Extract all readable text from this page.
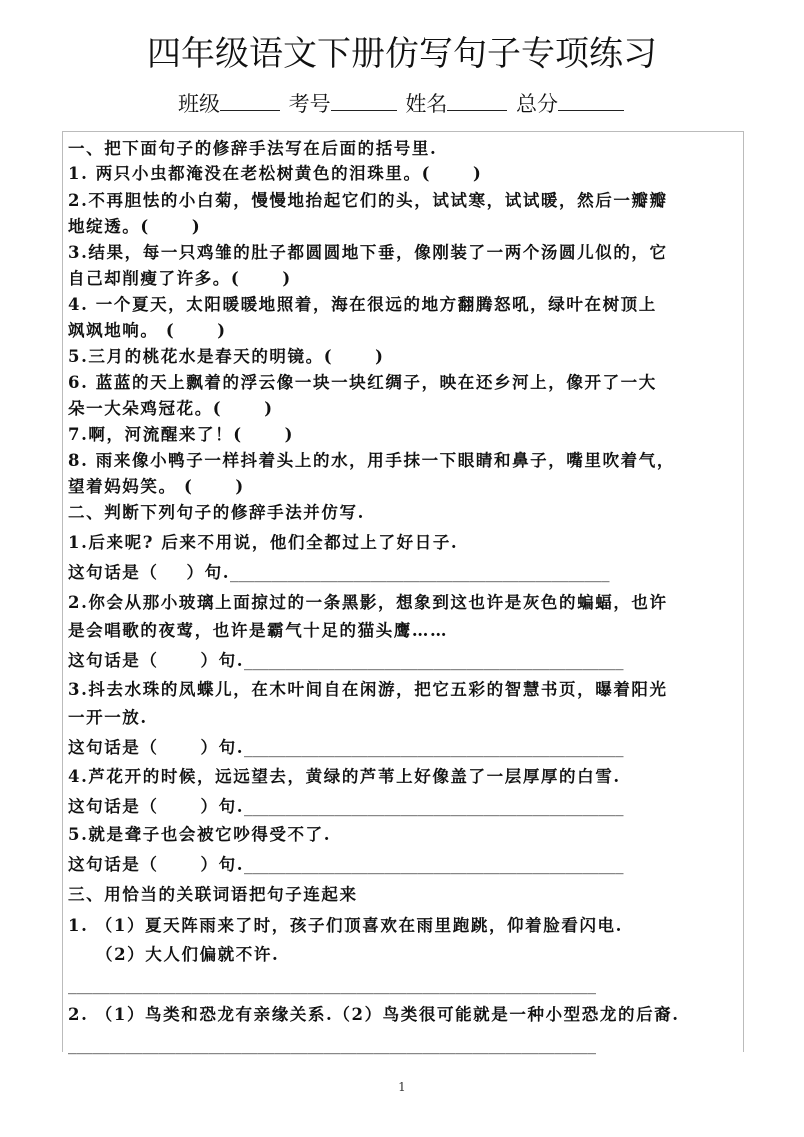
四年级语文下册仿写句子专项练习
班级	考号	姓名	总分
一、把下面句子的修辞手法写在后面的括号里.
1. 两只小虫都淹没在老松树黄色的泪珠里。(	)
2.不再胆怯的小白菊，慢慢地抬起它们的头，试试寒，试试暖，然后一瓣瓣
地绽透。(	)
3.结果，每一只鸡雏的肚子都圆圆地下垂，像刚装了一两个汤圆儿似的，它
自己却削瘦了许多。(	)
4. 一个夏天，太阳暖暖地照着，海在很远的地方翻腾怒吼，绿叶在树顶上
飒飒地响。 (	)
5.三月的桃花水是春天的明镜。(	)
6. 蓝蓝的天上飘着的浮云像一块一块红绸子，映在还乡河上，像开了一大
朵一大朵鸡冠花。(	)
7.啊，河流醒来了！(	)
8. 雨来像小鸭子一样抖着头上的水，用手抹一下眼睛和鼻子，嘴里吹着气，
望着妈妈笑。 (	)
二、判断下列句子的修辞手法并仿写.
1.后来呢? 后来不用说，他们全都过上了好日子.
这句话是（ ）句.______________________________________________
2.你会从那小玻璃上面掠过的一条黑影，想象到这也许是灰色的蝙蝠，也许
是会唱歌的夜莺，也许是霸气十足的猫头鹰……
这句话是（	）句.______________________________________________
3.抖去水珠的凤蝶儿，在木叶间自在闲游，把它五彩的智慧书页，曝着阳光
一开一放.
这句话是（	）句.______________________________________________
4.芦花开的时候，远远望去，黄绿的芦苇上好像盖了一层厚厚的白雪.
这句话是（	）句.______________________________________________
5.就是聋子也会被它吵得受不了.
这句话是（	）句.______________________________________________
三、用恰当的关联词语把句子连起来
1. （1）夏天阵雨来了时，孩子们顶喜欢在雨里跑跳，仰着脸看闪电.
（2）大人们偏就不许.
________________________________________________________________
2. （1）鸟类和恐龙有亲缘关系.（2）鸟类很可能就是一种小型恐龙的后裔.
________________________________________________________________
1
